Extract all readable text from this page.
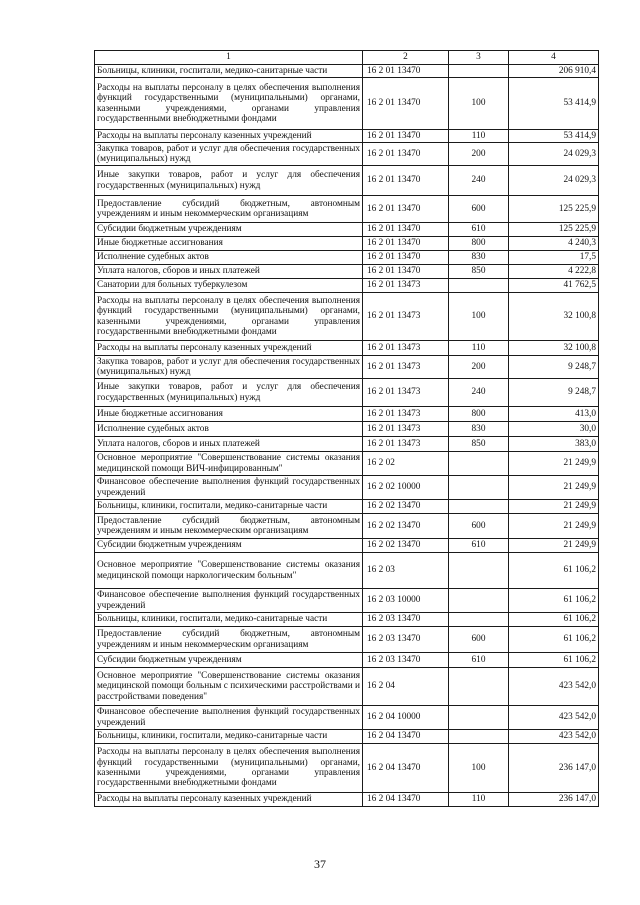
1	2	3	4
Больницы, клиники, госпитали, медико-санитарные части	16 2 01 13470		206 910,4
Расходы на выплаты персоналу в целях обеспечения выполнения функций государственными (муниципальными) органами, казенными учреждениями, органами управления государственными внебюджетными фондами	16 2 01 13470	100	53 414,9
Расходы на выплаты персоналу казенных учреждений	16 2 01 13470	110	53 414,9
Закупка товаров, работ и услуг для обеспечения государственных (муниципальных) нужд	16 2 01 13470	200	24 029,3
Иные закупки товаров, работ и услуг для обеспечения государственных (муниципальных) нужд	16 2 01 13470	240	24 029,3
Предоставление субсидий бюджетным, автономным учреждениям и иным некоммерческим организациям	16 2 01 13470	600	125 225,9
Субсидии бюджетным учреждениям	16 2 01 13470	610	125 225,9
Иные бюджетные ассигнования	16 2 01 13470	800	4 240,3
Исполнение судебных актов	16 2 01 13470	830	17,5
Уплата налогов, сборов и иных платежей	16 2 01 13470	850	4 222,8
Санатории для больных туберкулезом	16 2 01 13473		41 762,5
Расходы на выплаты персоналу в целях обеспечения выполнения функций государственными (муниципальными) органами, казенными учреждениями, органами управления государственными внебюджетными фондами	16 2 01 13473	100	32 100,8
Расходы на выплаты персоналу казенных учреждений	16 2 01 13473	110	32 100,8
Закупка товаров, работ и услуг для обеспечения государственных (муниципальных) нужд	16 2 01 13473	200	9 248,7
Иные закупки товаров, работ и услуг для обеспечения государственных (муниципальных) нужд	16 2 01 13473	240	9 248,7
Иные бюджетные ассигнования	16 2 01 13473	800	413,0
Исполнение судебных актов	16 2 01 13473	830	30,0
Уплата налогов, сборов и иных платежей	16 2 01 13473	850	383,0
Основное мероприятие "Совершенствование системы оказания медицинской помощи ВИЧ-инфицированным"	16 2 02		21 249,9
Финансовое обеспечение выполнения функций государственных учреждений	16 2 02 10000		21 249,9
Больницы, клиники, госпитали, медико-санитарные части	16 2 02 13470		21 249,9
Предоставление субсидий бюджетным, автономным учреждениям и иным некоммерческим организациям	16 2 02 13470	600	21 249,9
Субсидии бюджетным учреждениям	16 2 02 13470	610	21 249,9
Основное мероприятие "Совершенствование системы оказания медицинской помощи наркологическим больным"	16 2 03		61 106,2
Финансовое обеспечение выполнения функций государственных учреждений	16 2 03 10000		61 106,2
Больницы, клиники, госпитали, медико-санитарные части	16 2 03 13470		61 106,2
Предоставление субсидий бюджетным, автономным учреждениям и иным некоммерческим организациям	16 2 03 13470	600	61 106,2
Субсидии бюджетным учреждениям	16 2 03 13470	610	61 106,2
Основное мероприятие "Совершенствование системы оказания медицинской помощи больным с психическими расстройствами и расстройствами поведения"	16 2 04		423 542,0
Финансовое обеспечение выполнения функций государственных учреждений	16 2 04 10000		423 542,0
Больницы, клиники, госпитали, медико-санитарные части	16 2 04 13470		423 542,0
Расходы на выплаты персоналу в целях обеспечения выполнения функций государственными (муниципальными) органами, казенными учреждениями, органами управления государственными внебюджетными фондами	16 2 04 13470	100	236 147,0
Расходы на выплаты персоналу казенных учреждений	16 2 04 13470	110	236 147,0
37
